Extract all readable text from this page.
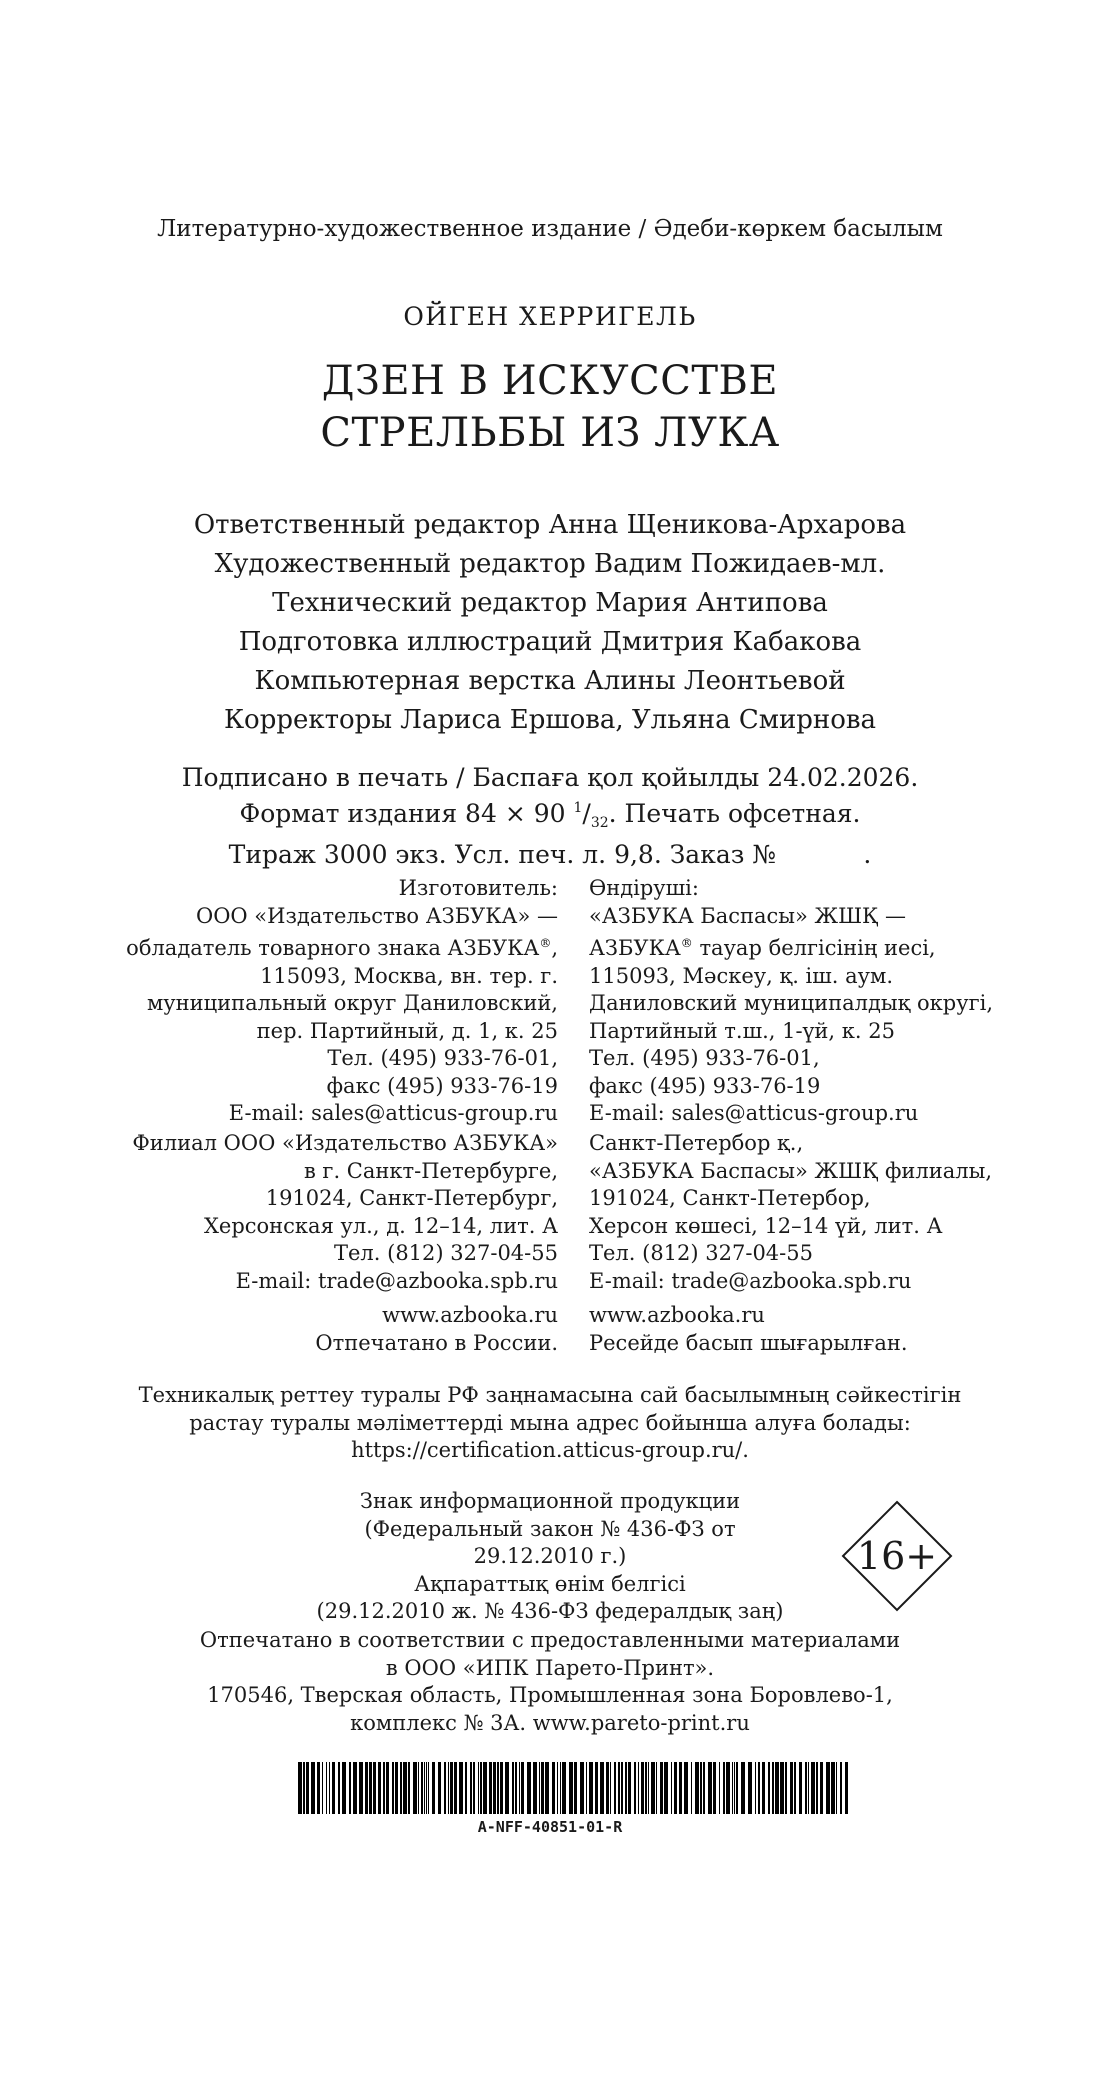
Литературно-художественное издание / Әдеби-көркем басылым
ОЙГЕН ХЕРРИГЕЛЬ
ДЗЕН В ИСКУССТВЕ
СТРЕЛЬБЫ ИЗ ЛУКА
Ответственный редактор Анна Щеникова-Архарова
Художественный редактор Вадим Пожидаев-мл.
Технический редактор Мария Антипова
Подготовка иллюстраций Дмитрия Кабакова
Компьютерная верстка Алины Леонтьевой
Корректоры Лариса Ершова, Ульяна Смирнова
Подписано в печать / Баспаға қол қойылды 24.02.2026.
Формат издания 84 × 90 $^1/_{32}$. Печать офсетная.
Тираж 3000 экз. Усл. печ. л. 9,8. Заказ №           .
Изготовитель:
ООО «Издательство АЗБУКА» —
обладатель товарного знака АЗБУКА®,
115093, Москва, вн. тер. г.
муниципальный округ Даниловский,
пер. Партийный, д. 1, к. 25
Тел. (495) 933-76-01,
факс (495) 933-76-19
E-mail: sales@atticus-group.ru
Өндіруші:
«АЗБУКА Баспасы» ЖШҚ —
АЗБУКА® тауар белгісінің иесі,
115093, Мәскеу, қ. іш. аум.
Даниловский муниципалдық округі,
Партийный т.ш., 1-үй, к. 25
Тел. (495) 933-76-01,
факс (495) 933-76-19
E-mail: sales@atticus-group.ru
Филиал ООО «Издательство АЗБУКА»
в г. Санкт-Петербурге,
191024, Санкт-Петербург,
Херсонская ул., д. 12–14, лит. А
Тел. (812) 327-04-55
E-mail: trade@azbooka.spb.ru
Санкт-Петербор қ.,
«АЗБУКА Баспасы» ЖШҚ филиалы,
191024, Санкт-Петербор,
Херсон көшесі, 12–14 үй, лит. А
Тел. (812) 327-04-55
E-mail: trade@azbooka.spb.ru
www.azbooka.ru
Отпечатано в России.
www.azbooka.ru
Ресейде басып шығарылған.
Техникалық реттеу туралы РФ заңнамасына сай басылымның сәйкестігін
растау туралы мәліметтерді мына адрес бойынша алуға болады:
https://certification.atticus-group.ru/.
Знак информационной продукции
(Федеральный закон № 436-ФЗ от 29.12.2010 г.)
Ақпараттық өнім белгісі
(29.12.2010 ж. № 436-ФЗ федералдық заң)
16+
Отпечатано в соответствии с предоставленными материалами
в ООО «ИПК Парето-Принт».
170546, Тверская область, Промышленная зона Боровлево-1,
комплекс № 3А. www.pareto-print.ru
A-NFF-40851-01-R
